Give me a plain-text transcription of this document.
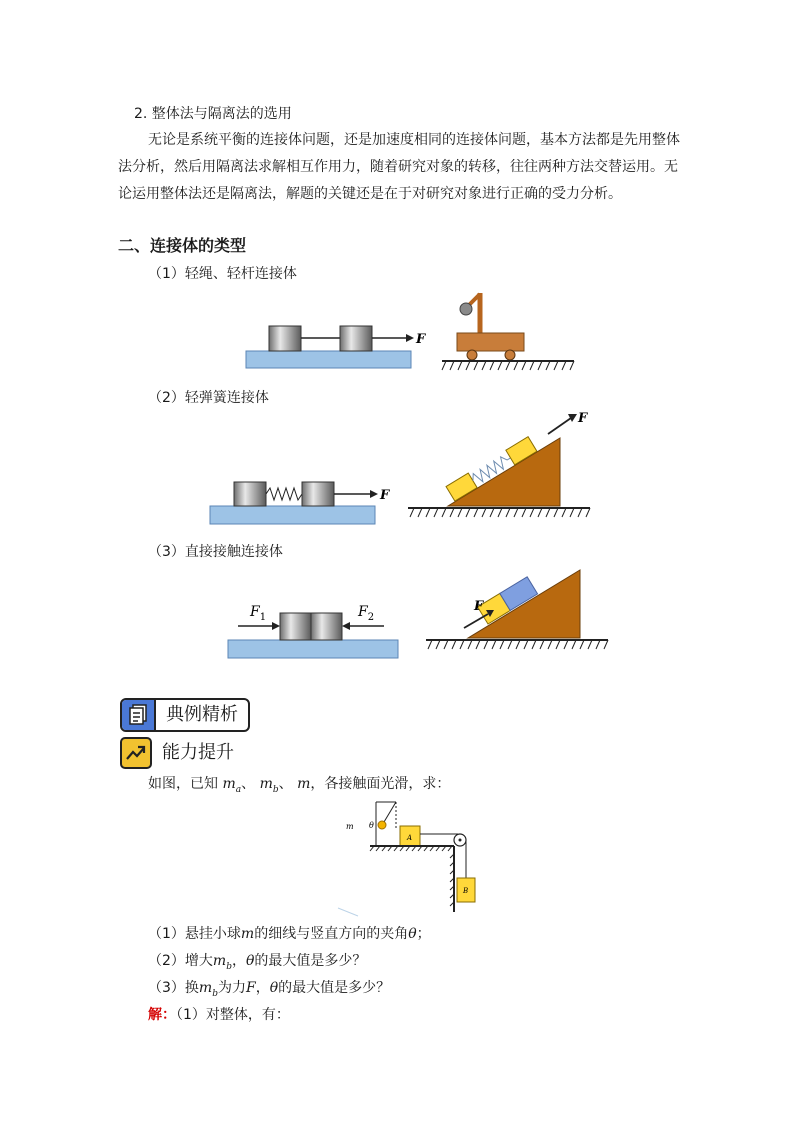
2. 整体法与隔离法的选用
无论是系统平衡的连接体问题，还是加速度相同的连接体问题，基本方法都是先用整体
法分析，然后用隔离法求解相互作用力，随着研究对象的转移，往往两种方法交替运用。无
论运用整体法还是隔离法，解题的关键还是在于对研究对象进行正确的受力分析。
二、连接体的类型
（1）轻绳、轻杆连接体
（2）轻弹簧连接体
（3）直接接触连接体
F
F
F
$F_1$	$F_2$
F
典例精析
能力提升
如图，已知 $m_a$、 $m_b$、 m，各接触面光滑，求：
m θ
A
B
（1）悬挂小球m的细线与竖直方向的夹角θ；
（2）增大$m_b$，θ的最大值是多少？
（3）换$m_b$为力F，θ的最大值是多少？
解：（1）对整体，有：
